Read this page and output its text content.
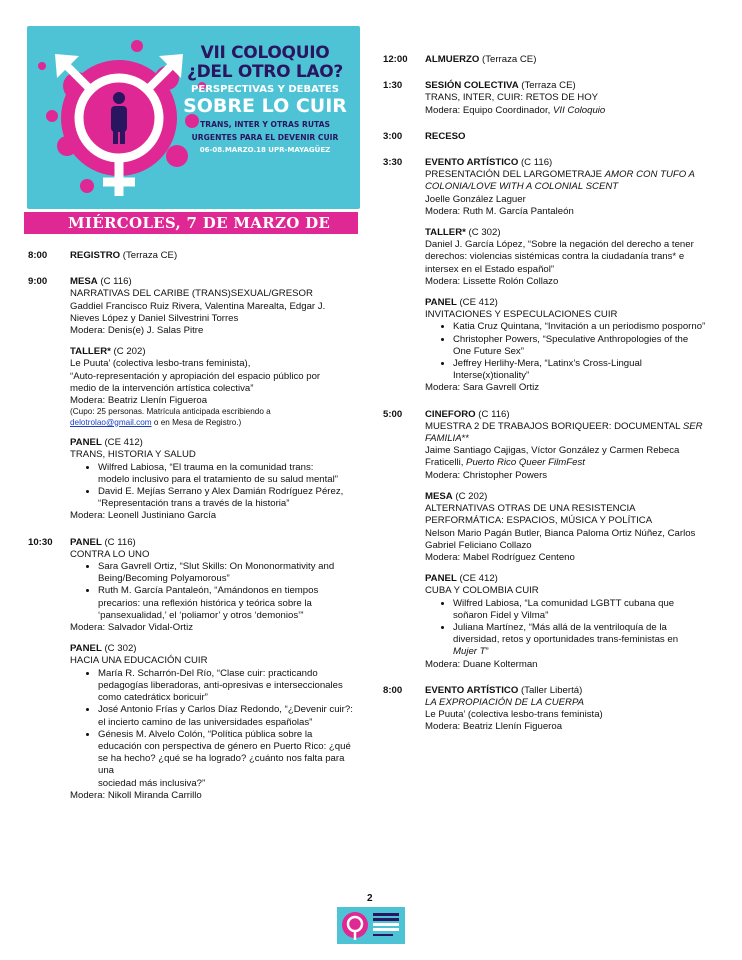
VII COLOQUIO
¿DEL OTRO LAO?
PERSPECTIVAS Y DEBATES
SOBRE LO CUIR
TRANS, INTER Y OTRAS RUTAS
URGENTES PARA EL DEVENIR CUIR
06-08.MARZO.18 UPR-MAYAGÜEZ
MIÉRCOLES, 7 DE MARZO DE 2018
8:00 REGISTRO (Terraza CE)
9:00 MESA (C 116)
NARRATIVAS DEL CARIBE (TRANS)SEXUAL/GRESOR
Gaddiel Francisco Ruiz Rivera, Valentina Marealta, Edgar J.
Nieves López y Daniel Silvestrini Torres
Modera: Denis(e) J. Salas Pitre
TALLER* (C 202)
Le Puuta’ (colectiva lesbo-trans feminista),
“Auto-representación y apropiación del espacio público por
medio de la intervención artística colectiva”
Modera: Beatriz Llenín Figueroa
(Cupo: 25 personas. Matrícula anticipada escribiendo a
delotrolao@gmail.com o en Mesa de Registro.)
PANEL (CE 412)
TRANS, HISTORIA Y SALUD
• Wilfred Labiosa, “El trauma en la comunidad trans:
modelo inclusivo para el tratamiento de su salud mental”
• David E. Mejías Serrano y Alex Damián Rodríguez Pérez,
“Representación trans a través de la historia”
Modera: Leonell Justiniano García
10:30 PANEL (C 116)
CONTRA LO UNO
• Sara Gavrell Ortiz, “Slut Skills: On Mononormativity and
Being/Becoming Polyamorous”
• Ruth M. García Pantaleón, “Amándonos en tiempos
precarios: una reflexión histórica y teórica sobre la
‘pansexualidad,’ el ‘poliamor’ y otros ‘demonios’”
Modera: Salvador Vidal-Ortiz
PANEL (C 302)
HACIA UNA EDUCACIÓN CUIR
• María R. Scharrón-Del Río, “Clase cuir: practicando
pedagogías liberadoras, anti-opresivas e interseccionales
como catedráticx boricuir”
• José Antonio Frías y Carlos Díaz Redondo, “¿Devenir cuir?:
el incierto camino de las universidades españolas”
• Génesis M. Alvelo Colón, “Política pública sobre la
educación con perspectiva de género en Puerto Rico: ¿qué
se ha hecho? ¿qué se ha logrado? ¿cuánto nos falta para una
sociedad más inclusiva?”
Modera: Nikoll Miranda Carrillo
12:00 ALMUERZO (Terraza CE)
1:30 SESIÓN COLECTIVA (Terraza CE)
TRANS, INTER, CUIR: RETOS DE HOY
Modera: Equipo Coordinador, VII Coloquio
3:00 RECESO
3:30 EVENTO ARTÍSTICO (C 116)
PRESENTACIÓN DEL LARGOMETRAJE AMOR CON TUFO A
COLONIA/LOVE WITH A COLONIAL SCENT
Joelle González Laguer
Modera: Ruth M. García Pantaleón
TALLER* (C 302)
Daniel J. García López, “Sobre la negación del derecho a tener
derechos: violencias sistémicas contra la ciudadanía trans* e
intersex en el Estado español”
Modera: Lissette Rolón Collazo
PANEL (CE 412)
INVITACIONES Y ESPECULACIONES CUIR
• Katia Cruz Quintana, “Invitación a un periodismo posporno”
• Christopher Powers, “Speculative Anthropologies of the
One Future Sex”
• Jeffrey Herlihy-Mera, “Latinx’s Cross-Lingual
Interse(x)tionality”
Modera: Sara Gavrell Ortiz
5:00 CINEFORO (C 116)
MUESTRA 2 DE TRABAJOS BORIQUEER: DOCUMENTAL SER
FAMILIA**
Jaime Santiago Cajigas, Víctor González y Carmen Rebeca
Fraticelli, Puerto Rico Queer FilmFest
Modera: Christopher Powers
MESA (C 202)
ALTERNATIVAS OTRAS DE UNA RESISTENCIA
PERFORMÁTICA: ESPACIOS, MÚSICA Y POLÍTICA
Nelson Mario Pagán Butler, Bianca Paloma Ortiz Núñez, Carlos
Gabriel Feliciano Collazo
Modera: Mabel Rodríguez Centeno
PANEL (CE 412)
CUBA Y COLOMBIA CUIR
• Wilfred Labiosa, “La comunidad LGBTT cubana que
soñaron Fidel y Vilma”
• Juliana Martínez, “Más allá de la ventriloquía de la
diversidad, retos y oportunidades trans-feministas en
Mujer T”
Modera: Duane Kolterman
8:00 EVENTO ARTÍSTICO (Taller Libertá)
LA EXPROPIACIÓN DE LA CUERPA
Le Puuta’ (colectiva lesbo-trans feminista)
Modera: Beatriz Llenín Figueroa
2
